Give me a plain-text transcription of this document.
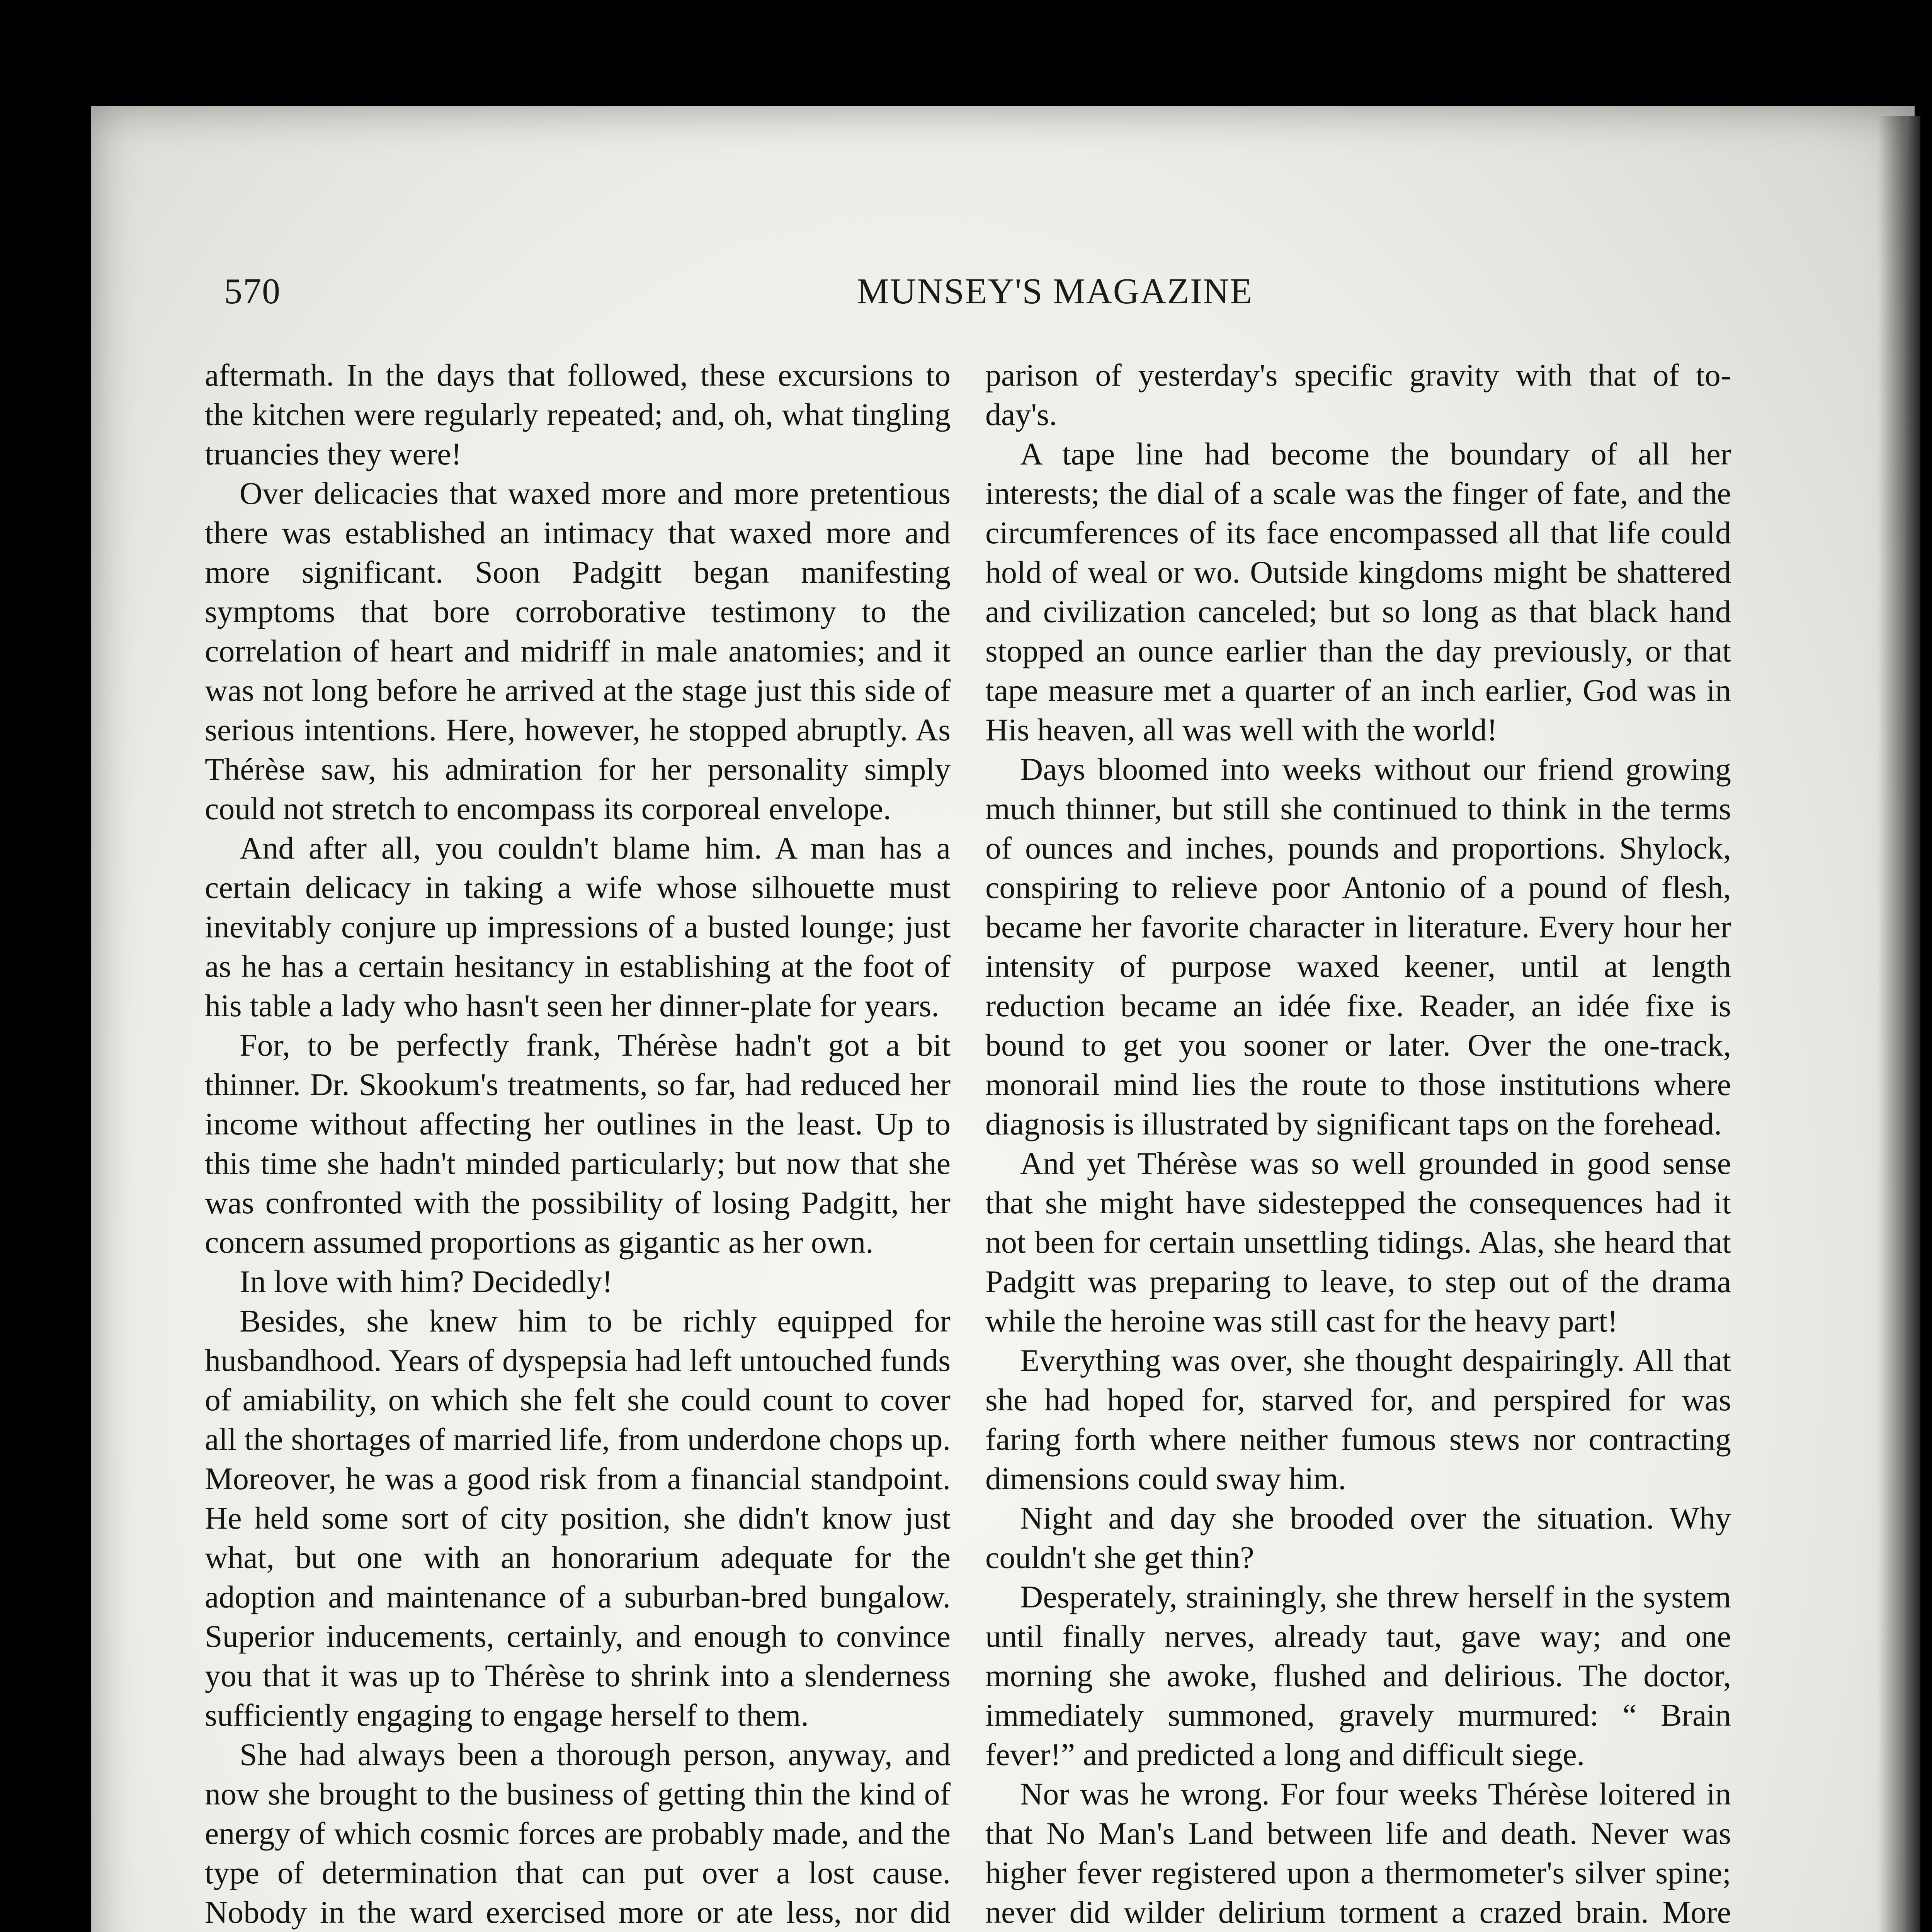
570	MUNSEY'S MAGAZINE

aftermath. In the days that followed, these excursions to the kitchen were regularly repeated; and, oh, what tingling truancies they were!

Over delicacies that waxed more and more pretentious there was established an intimacy that waxed more and more significant. Soon Padgitt began manifesting symptoms that bore corroborative testimony to the correlation of heart and midriff in male anatomies; and it was not long before he arrived at the stage just this side of serious intentions. Here, however, he stopped abruptly. As Thérèse saw, his admiration for her personality simply could not stretch to encompass its corporeal envelope.

And after all, you couldn't blame him. A man has a certain delicacy in taking a wife whose silhouette must inevitably conjure up impressions of a busted lounge; just as he has a certain hesitancy in establishing at the foot of his table a lady who hasn't seen her dinner-plate for years.

For, to be perfectly frank, Thérèse hadn't got a bit thinner. Dr. Skookum's treatments, so far, had reduced her income without affecting her outlines in the least. Up to this time she hadn't minded particularly; but now that she was confronted with the possibility of losing Padgitt, her concern assumed proportions as gigantic as her own.

In love with him? Decidedly!

Besides, she knew him to be richly equipped for husbandhood. Years of dyspepsia had left untouched funds of amiability, on which she felt she could count to cover all the shortages of married life, from underdone chops up. Moreover, he was a good risk from a financial standpoint. He held some sort of city position, she didn't know just what, but one with an honorarium adequate for the adoption and maintenance of a suburban-bred bungalow. Superior inducements, certainly, and enough to convince you that it was up to Thérèse to shrink into a slenderness sufficiently engaging to engage herself to them.

She had always been a thorough person, anyway, and now she brought to the business of getting thin the kind of energy of which cosmic forces are probably made, and the type of determination that can put over a lost cause. Nobody in the ward exercised more or ate less, nor did

parison of yesterday's specific gravity with that of to-day's.

A tape line had become the boundary of all her interests; the dial of a scale was the finger of fate, and the circumferences of its face encompassed all that life could hold of weal or wo. Outside kingdoms might be shattered and civilization canceled; but so long as that black hand stopped an ounce earlier than the day previously, or that tape measure met a quarter of an inch earlier, God was in His heaven, all was well with the world!

Days bloomed into weeks without our friend growing much thinner, but still she continued to think in the terms of ounces and inches, pounds and proportions. Shylock, conspiring to relieve poor Antonio of a pound of flesh, became her favorite character in literature. Every hour her intensity of purpose waxed keener, until at length reduction became an idée fixe. Reader, an idée fixe is bound to get you sooner or later. Over the one-track, monorail mind lies the route to those institutions where diagnosis is illustrated by significant taps on the forehead.

And yet Thérèse was so well grounded in good sense that she might have sidestepped the consequences had it not been for certain unsettling tidings. Alas, she heard that Padgitt was preparing to leave, to step out of the drama while the heroine was still cast for the heavy part!

Everything was over, she thought despairingly. All that she had hoped for, starved for, and perspired for was faring forth where neither fumous stews nor contracting dimensions could sway him.

Night and day she brooded over the situation. Why couldn't she get thin?

Desperately, strainingly, she threw herself in the system until finally nerves, already taut, gave way; and one morning she awoke, flushed and delirious. The doctor, immediately summoned, gravely murmured: “ Brain fever!” and predicted a long and difficult siege.

Nor was he wrong. For four weeks Thérèse loitered in that No Man's Land between life and death. Never was higher fever registered upon a thermometer's silver spine; never did wilder delirium torment a crazed brain. More
